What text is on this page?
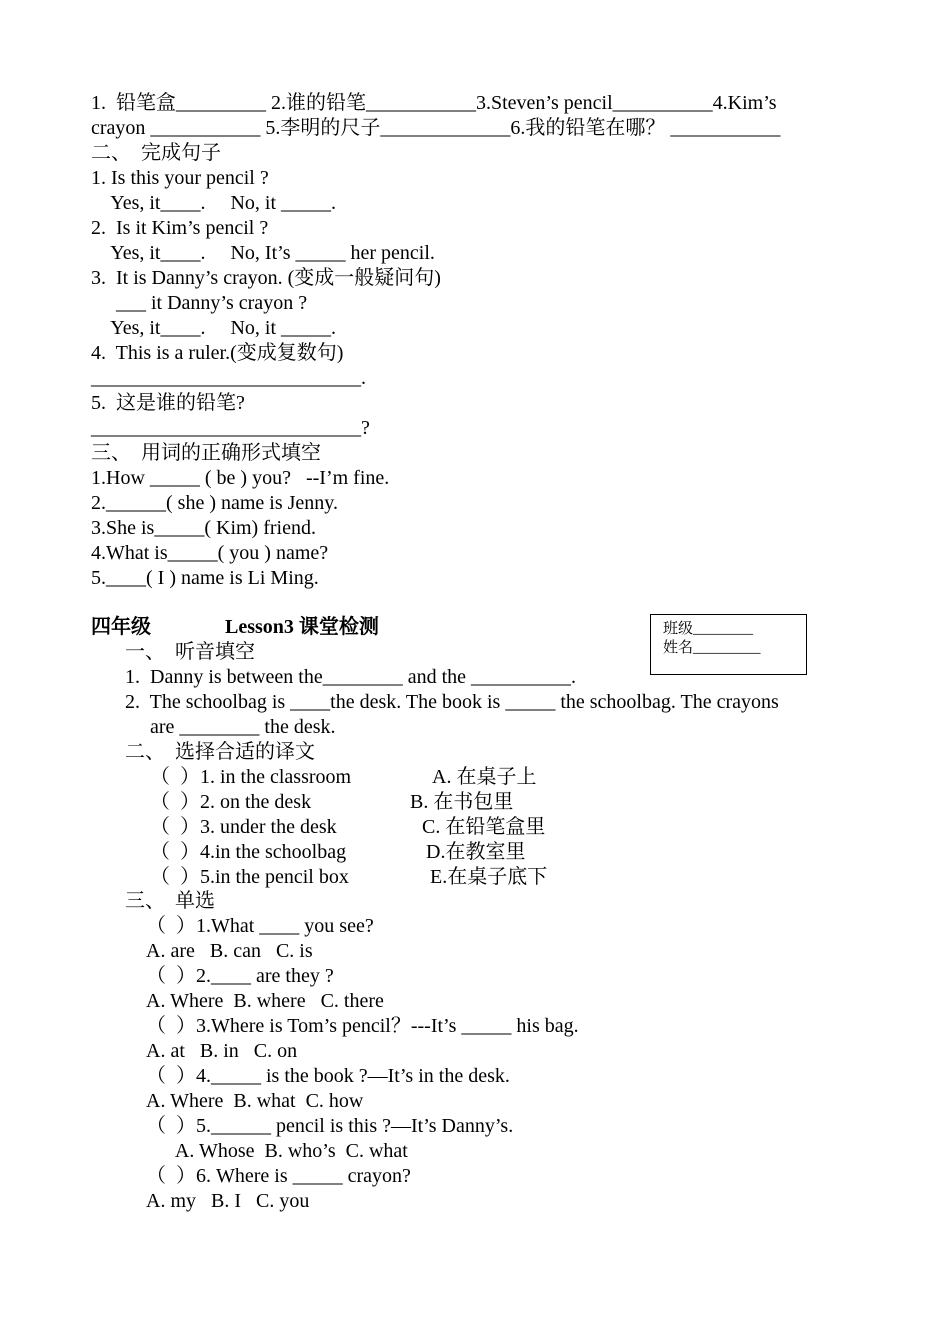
1.  铅笔盒_________ 2.谁的铅笔___________3.Steven’s pencil__________4.Kim’s
crayon ___________ 5.李明的尺子_____________6.我的铅笔在哪？ ___________
二、  完成句子
1. Is this your pencil ?
Yes, it____.     No, it _____.
2.  Is it Kim’s pencil ?
Yes, it____.     No, It’s _____ her pencil.
3.  It is Danny’s crayon. (变成一般疑问句)
___ it Danny’s crayon ?
Yes, it____.     No, it _____.
4.  This is a ruler.(变成复数句)
___________________________.
5.  这是谁的铅笔?
___________________________?
三、  用词的正确形式填空
1.How _____ ( be ) you?   --I’m fine.
2.______( she ) name is Jenny.
3.She is_____( Kim) friend.
4.What is_____( you ) name?
5.____( I ) name is Li Ming.
四年级	Lesson3 课堂检测	班级________
姓名_________
一、  听音填空
1.  Danny is between the________ and the __________.
2.  The schoolbag is ____the desk. The book is _____ the schoolbag. The crayons
are ________ the desk.
二、  选择合适的译文
（  ）1. in the classroom	A. 在桌子上
（  ）2. on the desk	B. 在书包里
（  ）3. under the desk	C. 在铅笔盒里
（  ）4.in the schoolbag	D.在教室里
（  ）5.in the pencil box	E.在桌子底下
三、  单选
（  ）1.What ____ you see?
A. are   B. can   C. is
（  ）2.____ are they ?
A. Where  B. where   C. there
（  ）3.Where is Tom’s pencil？---It’s _____ his bag.
A. at   B. in   C. on
（  ）4._____ is the book ?—It’s in the desk.
A. Where  B. what  C. how
（  ）5.______ pencil is this ?—It’s Danny’s.
A. Whose  B. who’s  C. what
（  ）6. Where is _____ crayon?
A. my   B. I   C. you
